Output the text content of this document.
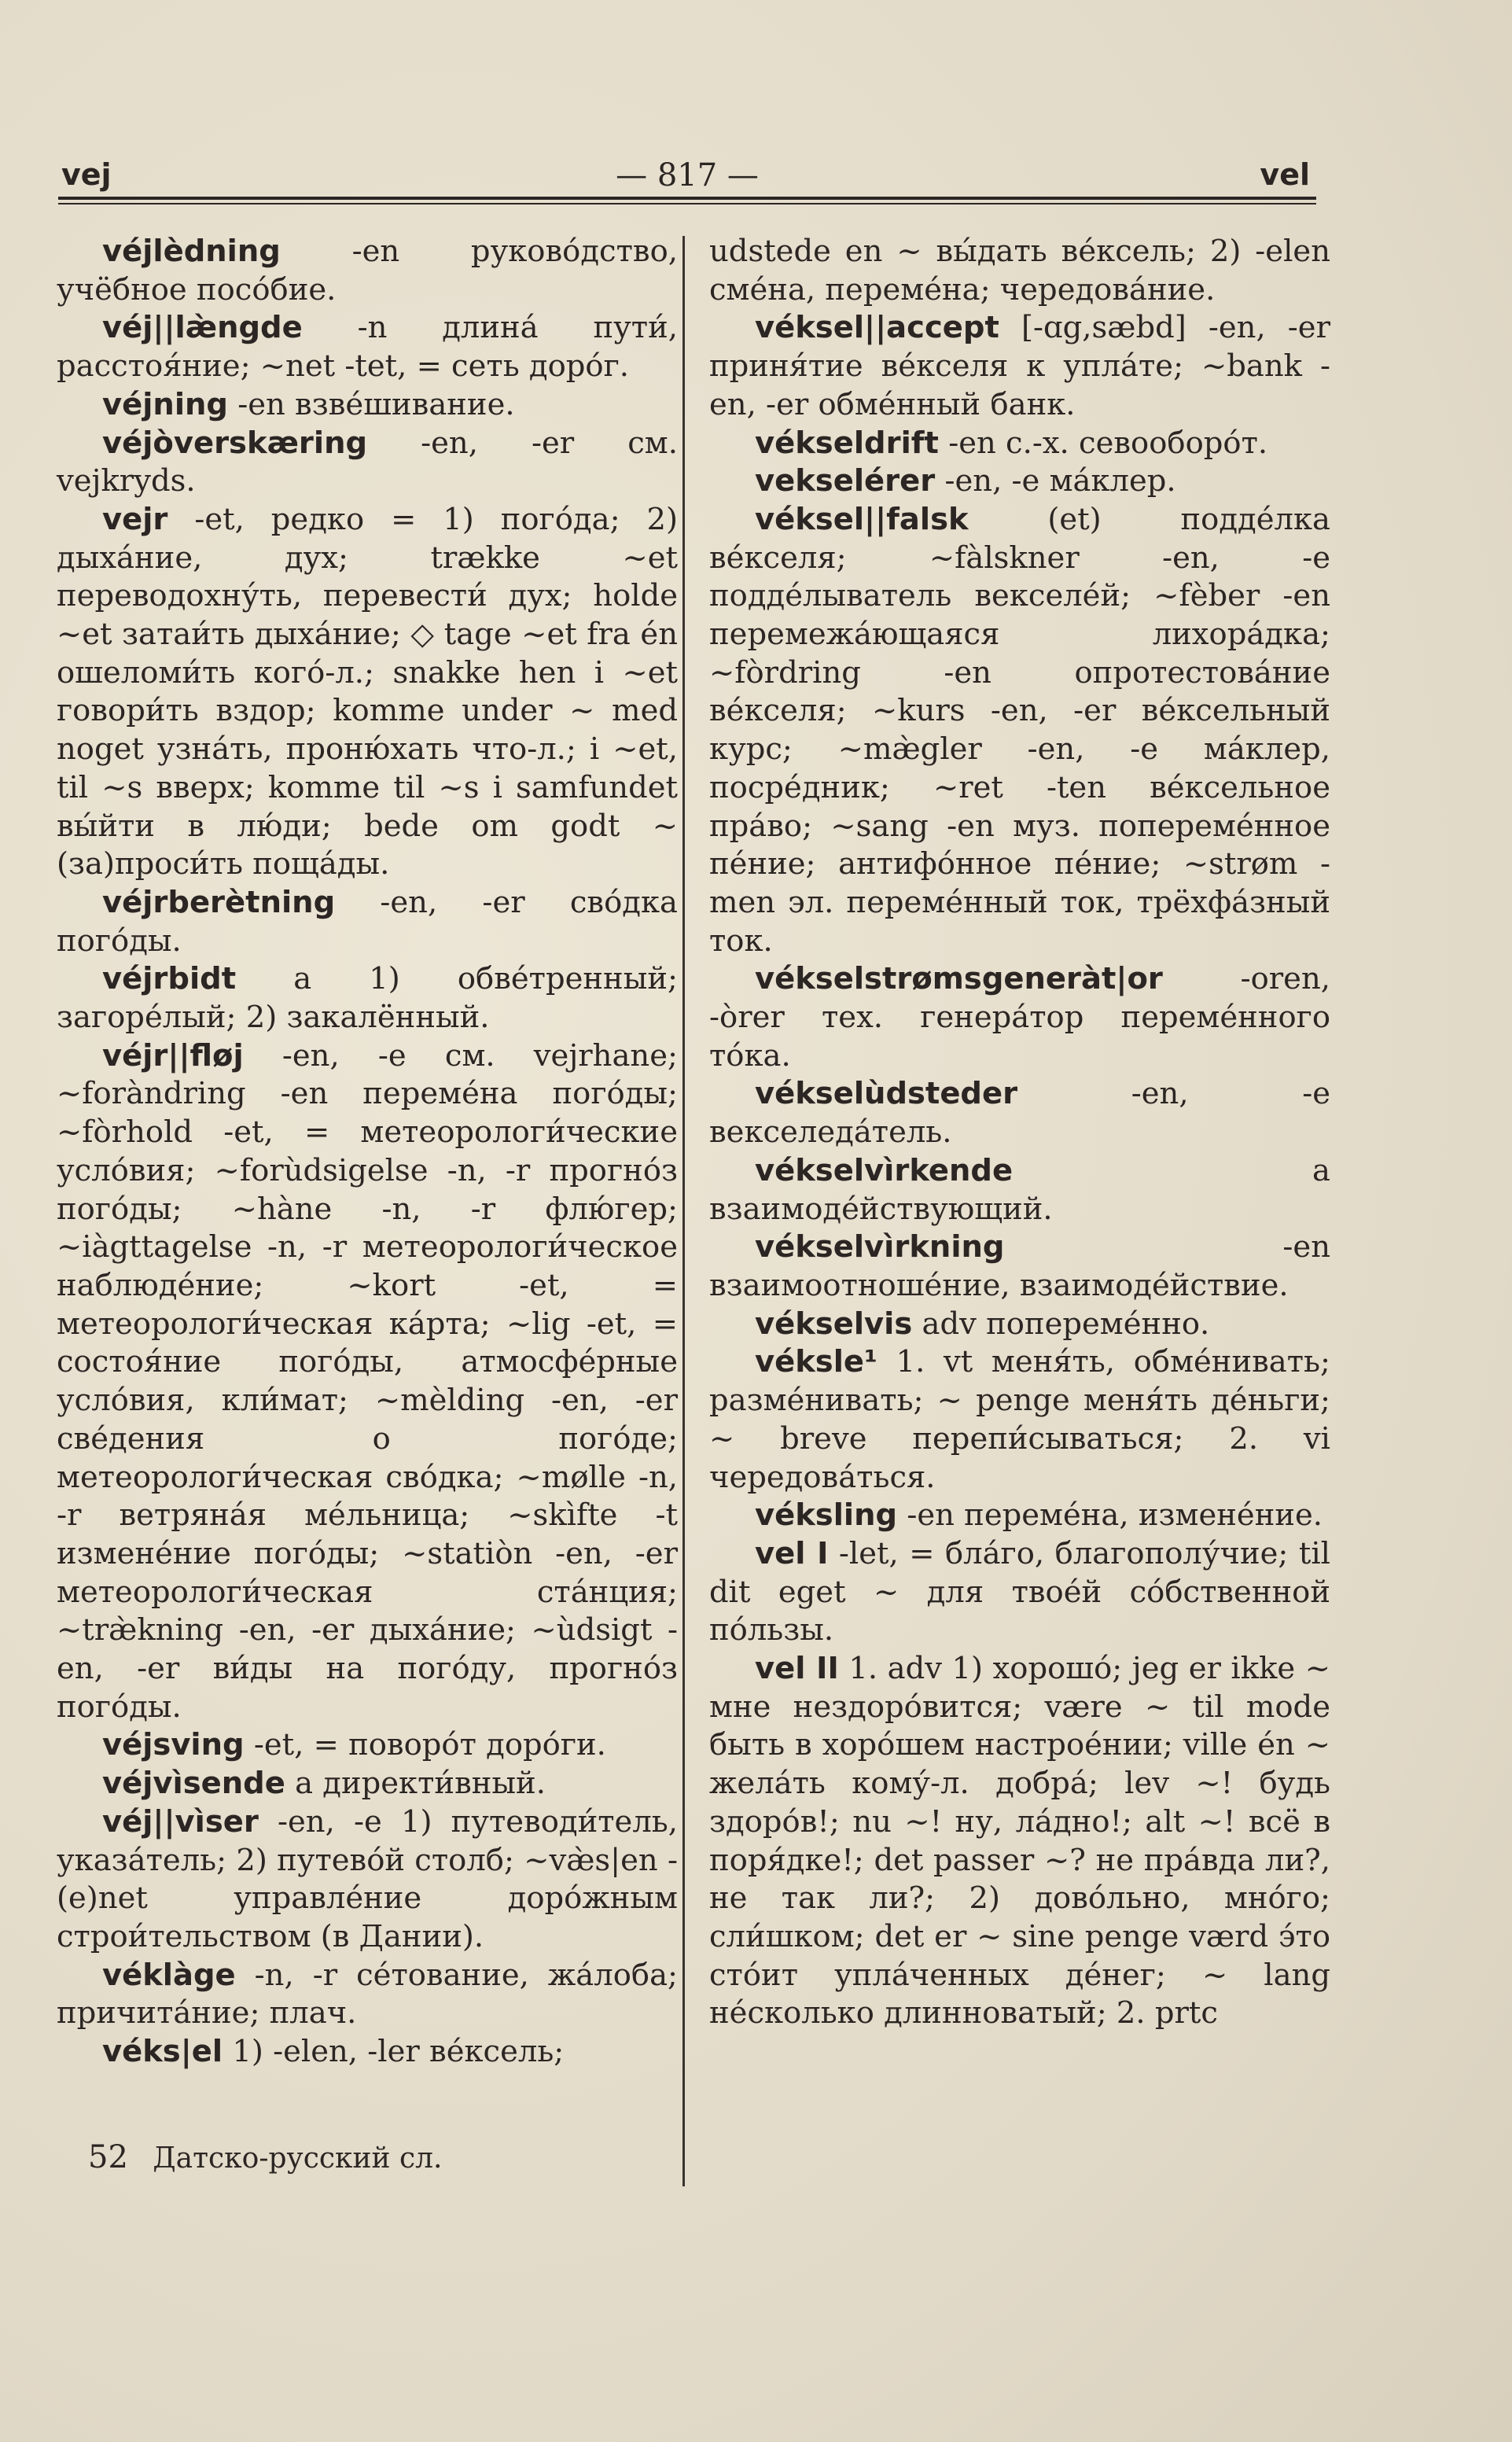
vej	— 817 —	vel

véjlèdning -en руково́дство, учёбное посо́бие.

véj||læ̀ngde -n длина́ пути́, расстоя́ние; ~net -tet, = сеть доро́г.

véjning -en взве́шивание.

véjòverskæring -en, -er см. vejkryds.

vejr -et, редко = 1) пого́да; 2) дыха́ние, дух; trække ~et переводохну́ть, перевести́ дух; holde ~et затаи́ть дыха́ние; ◇ tage ~et fra én ошеломи́ть кого́-л.; snakke hen i ~et говори́ть вздор; komme under ~ med noget узна́ть, проню́хать что-л.; i ~et, til ~s вверх; komme til ~s i samfundet вы́йти в лю́ди; bede om godt ~ (за)проси́ть поща́ды.

véjrberètning -en, -er сво́дка пого́ды.

véjrbidt a 1) обве́тренный; загоре́лый; 2) закалённый.

véjr||fløj -en, -e см. vejrhane; ~foràndring -en переме́на пого́ды; ~fòrhold -et, = метеорологи́ческие усло́вия; ~forùdsigelse -n, -r прогно́з пого́ды; ~hàne -n, -r флю́гер; ~iàgttagelse -n, -r метеорологи́ческое наблюде́ние; ~kort -et, = метеорологи́ческая ка́рта; ~lig -et, = состоя́ние пого́ды, атмосфе́рные усло́вия, кли́мат; ~mèlding -en, -er све́дения о пого́де; метеорологи́ческая сво́дка; ~mølle -n, -r ветряна́я ме́льница; ~skìfte -t измене́ние пого́ды; ~statiòn -en, -er метеорологи́ческая ста́нция; ~træ̀kning -en, -er дыха́ние; ~ùdsigt -en, -er ви́ды на пого́ду, прогно́з пого́ды.

véjsving -et, = поворо́т доро́ги.

véjvìsende a директи́вный.

véj||vìser -en, -e 1) путеводи́тель, указа́тель; 2) путево́й столб; ~væ̀s|en -(e)net управле́ние доро́жным строи́тельством (в Дании).

véklàge -n, -r се́тование, жа́лоба; причита́ние; плач.

véks|el 1) -elen, -ler ве́ксель;

udstede en ~ вы́дать ве́ксель; 2) -elen сме́на, переме́на; чередова́ние.

véksel||accept [-ɑg,sæbd] -en, -er приня́тие ве́кселя к упла́те; ~bank -en, -er обме́нный банк.

vékseldrift -en с.-х. севооборо́т.

vekselérer -en, -e ма́клер.

véksel||falsk	(et) подде́лка ве́кселя; ~fàlskner -en, -e подде́лыватель векселе́й; ~fèber -en перемежа́ющаяся лихора́дка; ~fòrdring -en опротестова́ние ве́кселя; ~kurs -en, -er ве́ксельный курс; ~mæ̀gler -en, -e ма́клер, посре́дник; ~ret -ten ве́ксельное пра́во; ~sang -en муз. попереме́нное пе́ние; антифо́нное пе́ние; ~strøm -men эл. переме́нный ток, трёхфа́зный ток.

vékselstrømsgeneràt|or	-oren, -òrer тех. генера́тор переме́нного то́ка.

vékselùdsteder	-en, -e векселеда́тель.

vékselvìrkende	a взаимоде́йствующий.

vékselvìrkning	-en взаимоотноше́ние, взаимоде́йствие.

vékselvis adv попереме́нно.

véksle¹ 1. vt меня́ть, обме́нивать; разме́нивать; ~ penge меня́ть де́ньги; ~ breve перепи́сываться; 2. vi чередова́ться.

véksling -en переме́на, измене́ние.

vel I -let, = бла́го, благополу́чие; til dit eget ~ для твое́й со́бственной по́льзы.

vel II 1. adv 1) хорошо́; jeg er ikke ~ мне нездоро́вится; være ~ til mode быть в хоро́шем настрое́нии; ville én ~ жела́ть кому́-л. добра́; lev ~! будь здоро́в!; nu ~! ну, ла́дно!; alt ~! всё в поря́дке!; det passer ~? не пра́вда ли?, не так ли?; 2) дово́льно, мно́го; сли́шком; det er ~ sine penge værd э́то сто́ит упла́ченных де́нег; ~ lang не́сколько длинноватый; 2. prtc

52 Датско-русский сл.
